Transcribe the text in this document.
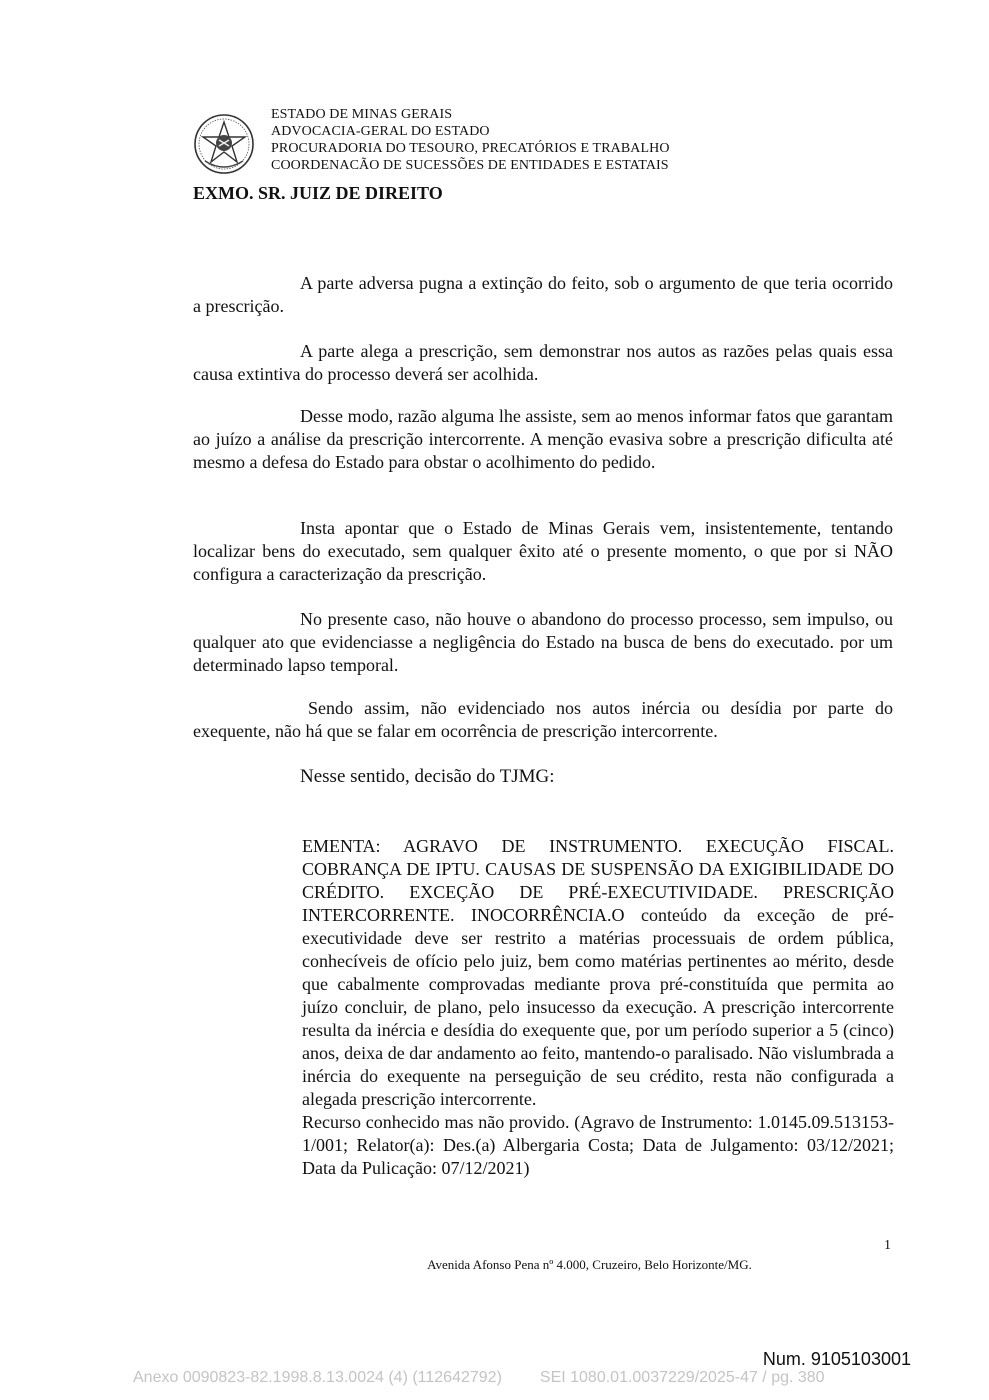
ESTADO DE MINAS GERAIS
ADVOCACIA-GERAL DO ESTADO
PROCURADORIA DO TESOURO, PRECATÓRIOS E TRABALHO
COORDENACÃO DE SUCESSÕES DE ENTIDADES E ESTATAIS
EXMO. SR. JUIZ DE DIREITO

A parte adversa pugna a extinção do feito, sob o argumento de que teria ocorrido a prescrição.

A parte alega a prescrição, sem demonstrar nos autos as razões pelas quais essa causa extintiva do processo deverá ser acolhida.

Desse modo, razão alguma lhe assiste, sem ao menos informar fatos que garantam ao juízo a análise da prescrição intercorrente. A menção evasiva sobre a prescrição dificulta até mesmo a defesa do Estado para obstar o acolhimento do pedido.

Insta apontar que o Estado de Minas Gerais vem, insistentemente, tentando localizar bens do executado, sem qualquer êxito até o presente momento, o que por si NÃO configura a caracterização da prescrição.

No presente caso, não houve o abandono do processo processo, sem impulso, ou qualquer ato que evidenciasse a negligência do Estado na busca de bens do executado. por um determinado lapso temporal.

Sendo assim, não evidenciado nos autos inércia ou desídia por parte do exequente, não há que se falar em ocorrência de prescrição intercorrente.

Nesse sentido, decisão do TJMG:

EMENTA: AGRAVO DE INSTRUMENTO. EXECUÇÃO FISCAL. COBRANÇA DE IPTU. CAUSAS DE SUSPENSÃO DA EXIGIBILIDADE DO CRÉDITO. EXCEÇÃO DE PRÉ-EXECUTIVIDADE. PRESCRIÇÃO INTERCORRENTE. INOCORRÊNCIA.O conteúdo da exceção de pré-executividade deve ser restrito a matérias processuais de ordem pública, conhecíveis de ofício pelo juiz, bem como matérias pertinentes ao mérito, desde que cabalmente comprovadas mediante prova pré-constituída que permita ao juízo concluir, de plano, pelo insucesso da execução. A prescrição intercorrente resulta da inércia e desídia do exequente que, por um período superior a 5 (cinco) anos, deixa de dar andamento ao feito, mantendo-o paralisado. Não vislumbrada a inércia do exequente na perseguição de seu crédito, resta não configurada a alegada prescrição intercorrente.

Recurso conhecido mas não provido. (Agravo de Instrumento: 1.0145.09.513153-1/001; Relator(a): Des.(a) Albergaria Costa; Data de Julgamento: 03/12/2021; Data da Pulicação: 07/12/2021)

1
Avenida Afonso Pena nº 4.000, Cruzeiro, Belo Horizonte/MG.
Num. 9105103001
Anexo 0090823-82.1998.8.13.0024 (4) (112642792) SEI 1080.01.0037229/2025-47 / pg. 380
